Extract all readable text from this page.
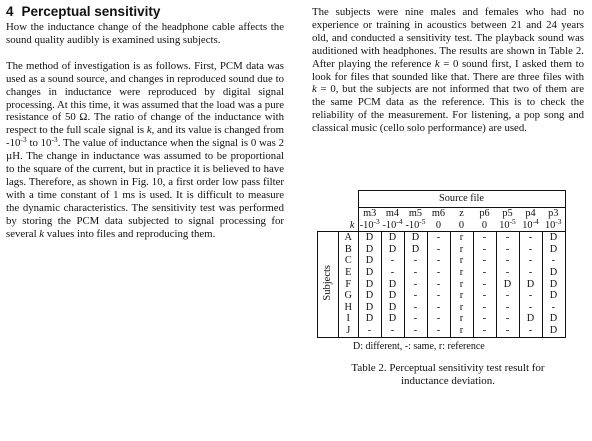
4 Perceptual sensitivity

How the inductance change of the headphone cable affects the sound quality audibly is examined using subjects.

The method of investigation is as follows. First, PCM data was used as a sound source, and changes in reproduced sound due to changes in inductance were reproduced by digital signal processing. At this time, it was assumed that the load was a pure resistance of 50 Ω. The ratio of change of the inductance with respect to the full scale signal is k, and its value is changed from $-10^{-3}$ to $10^{-3}$. The value of inductance when the signal is 0 was 2 µH. The change in inductance was assumed to be proportional to the square of the current, but in practice it is believed to have lags. Therefore, as shown in Fig. 10, a first order low pass filter with a time constant of 1 ms is used. It is difficult to measure the dynamic characteristics. The sensitivity test was performed by storing the PCM data subjected to signal processing for several k values into files and reproducing them.

The subjects were nine males and females who had no experience or training in acoustics between 21 and 24 years old, and conducted a sensitivity test. The playback sound was auditioned with headphones. The results are shown in Table 2. After playing the reference k = 0 sound first, I asked them to look for files that sounded like that. There are three files with k = 0, but the subjects are not informed that two of them are the same PCM data as the reference. This is to check the reliability of the measurement. For listening, a pop song and classical music (cello solo performance) are used.

		Source file								
		m3	m4	m5	m6	z	p6	p5	p4	p3
	k	$-10^{-3}$	$-10^{-4}$	$-10^{-5}$	0	0	0	$10^{-5}$	$10^{-4}$	$10^{-3}$
Subjects	A	D	D	D	-	r	-	-	-	D
	B	D	D	D	-	r	-	-	-	D
	C	D	-	-	-	r	-	-	-	-
	E	D	-	-	-	r	-	-	-	D
	F	D	D	-	-	r	-	D	D	D
	G	D	D	-	-	r	-	-	-	D
	H	D	D	-	-	r	-	-	-	-
	I	D	D	-	-	r	-	-	D	D
	J	-	-	-	-	r	-	-	-	D
D: different, -: same, r: reference
Table 2. Perceptual sensitivity test result for
inductance deviation.
